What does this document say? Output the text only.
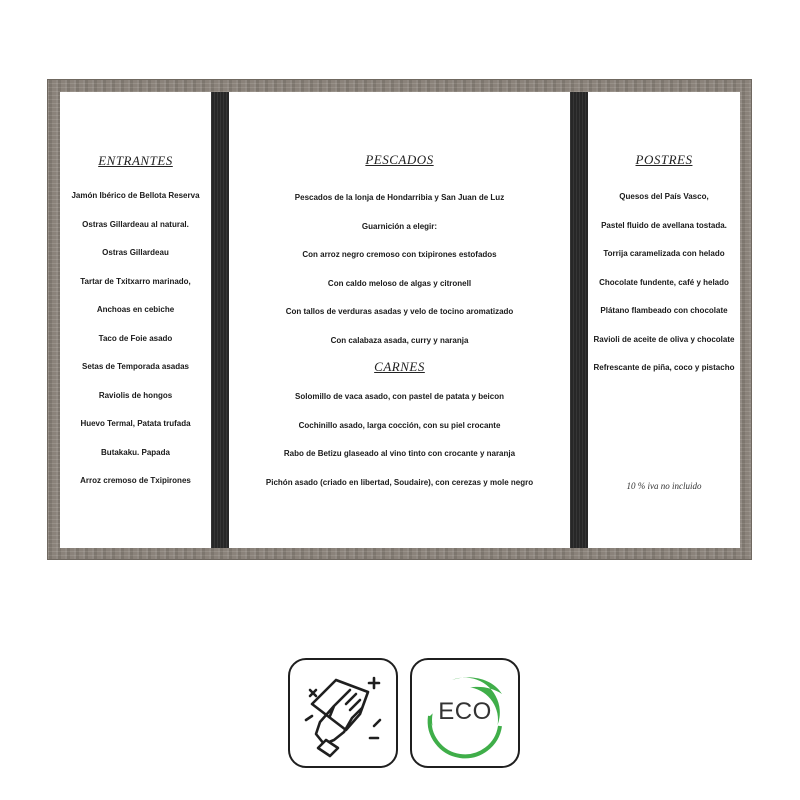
ENTRANTES
Jamón Ibérico de Bellota Reserva
Ostras Gillardeau al natural.
Ostras Gillardeau
Tartar de Txitxarro marinado,
Anchoas en cebiche
Taco de Foie asado
Setas de Temporada asadas
Raviolis de hongos
Huevo Termal, Patata trufada
Butakaku. Papada
Arroz cremoso de Txipirones
PESCADOS
Pescados de la lonja de Hondarribia y San Juan de Luz
Guarnición a elegir:
Con arroz negro cremoso con txipirones estofados
Con caldo meloso de algas y citronell
Con tallos de verduras asadas y velo de tocino aromatizado
Con calabaza asada, curry y naranja
CARNES
Solomillo de vaca asado, con pastel de patata y beicon
Cochinillo asado, larga cocción, con su piel crocante
Rabo de Betizu glaseado al vino tinto con crocante y naranja
Pichón asado (criado en libertad, Soudaire), con cerezas y mole negro
POSTRES
Quesos del País Vasco,
Pastel fluido de avellana tostada.
Torrija caramelizada con helado
Chocolate fundente, café y helado
Plátano flambeado con chocolate
Ravioli de aceite de oliva y chocolate
Refrescante de piña, coco y pistacho
10 % iva no incluido
ECO
